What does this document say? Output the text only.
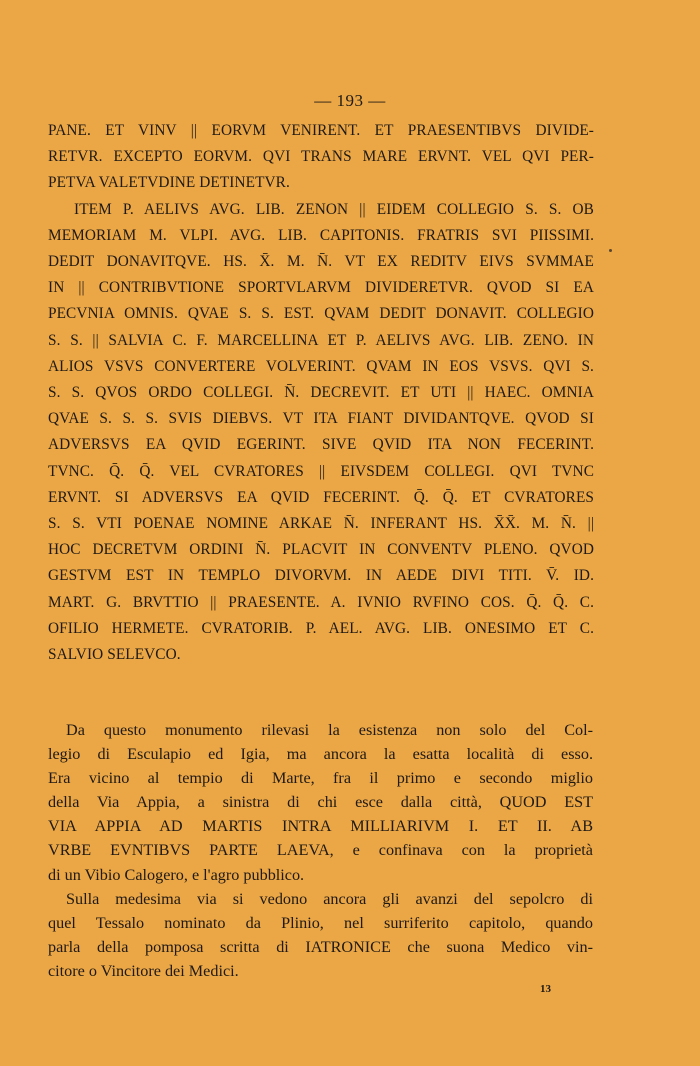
— 193 —
PANE. ET VINV || EORVM VENIRENT. ET PRAESENTIBVS DIVIDE-
RETVR. EXCEPTO EORVM. QVI TRANS MARE ERVNT. VEL QVI PER-
PETVA VALETVDINE DETINETVR.
ITEM P. AELIVS AVG. LIB. ZENON || EIDEM COLLEGIO S. S. OB
MEMORIAM M. VLPI. AVG. LIB. CAPITONIS. FRATRIS SVI PIISSIMI.
DEDIT DONAVITQVE. HS. X̄. M. N̄. VT EX REDITV EIVS SVMMAE
IN || CONTRIBVTIONE SPORTVLARVM DIVIDERETVR. QVOD SI EA
PECVNIA OMNIS. QVAE S. S. EST. QVAM DEDIT DONAVIT. COLLEGIO
S. S. || SALVIA C. F. MARCELLINA ET P. AELIVS AVG. LIB. ZENO. IN
ALIOS VSVS CONVERTERE VOLVERINT. QVAM IN EOS VSVS. QVI S.
S. S. QVOS ORDO COLLEGI. N̄. DECREVIT. ET UTI || HAEC. OMNIA
QVAE S. S. S. SVIS DIEBVS. VT ITA FIANT DIVIDANTQVE. QVOD SI
ADVERSVS EA QVID EGERINT. SIVE QVID ITA NON FECERINT.
TVNC. Q̄. Q̄. VEL CVRATORES || EIVSDEM COLLEGI. QVI TVNC
ERVNT. SI ADVERSVS EA QVID FECERINT. Q̄. Q̄. ET CVRATORES
S. S. VTI POENAE NOMINE ARKAE N̄. INFERANT HS. X̄X̄. M. N̄. ||
HOC DECRETVM ORDINI N̄. PLACVIT IN CONVENTV PLENO. QVOD
GESTVM EST IN TEMPLO DIVORVM. IN AEDE DIVI TITI. V̄. ID.
MART. G. BRVTTIO || PRAESENTE. A. IVNIO RVFINO COS. Q̄. Q̄. C.
OFILIO HERMETE. CVRATORIB. P. AEL. AVG. LIB. ONESIMO ET C.
SALVIO SELEVCO.
Da questo monumento rilevasi la esistenza non solo del Col-
legio di Esculapio ed Igia, ma ancora la esatta località di esso.
Era vicino al tempio di Marte, fra il primo e secondo miglio
della Via Appia, a sinistra di chi esce dalla città, QUOD EST
VIA APPIA AD MARTIS INTRA MILLIARIVM I. ET II. AB
VRBE EVNTIBVS PARTE LAEVA, e confinava con la proprietà
di un Vibio Calogero, e l'agro pubblico.
Sulla medesima via si vedono ancora gli avanzi del sepolcro di
quel Tessalo nominato da Plinio, nel surriferito capitolo, quando
parla della pomposa scritta di IATRONICE che suona Medico vin-
citore o Vincitore dei Medici.
13
